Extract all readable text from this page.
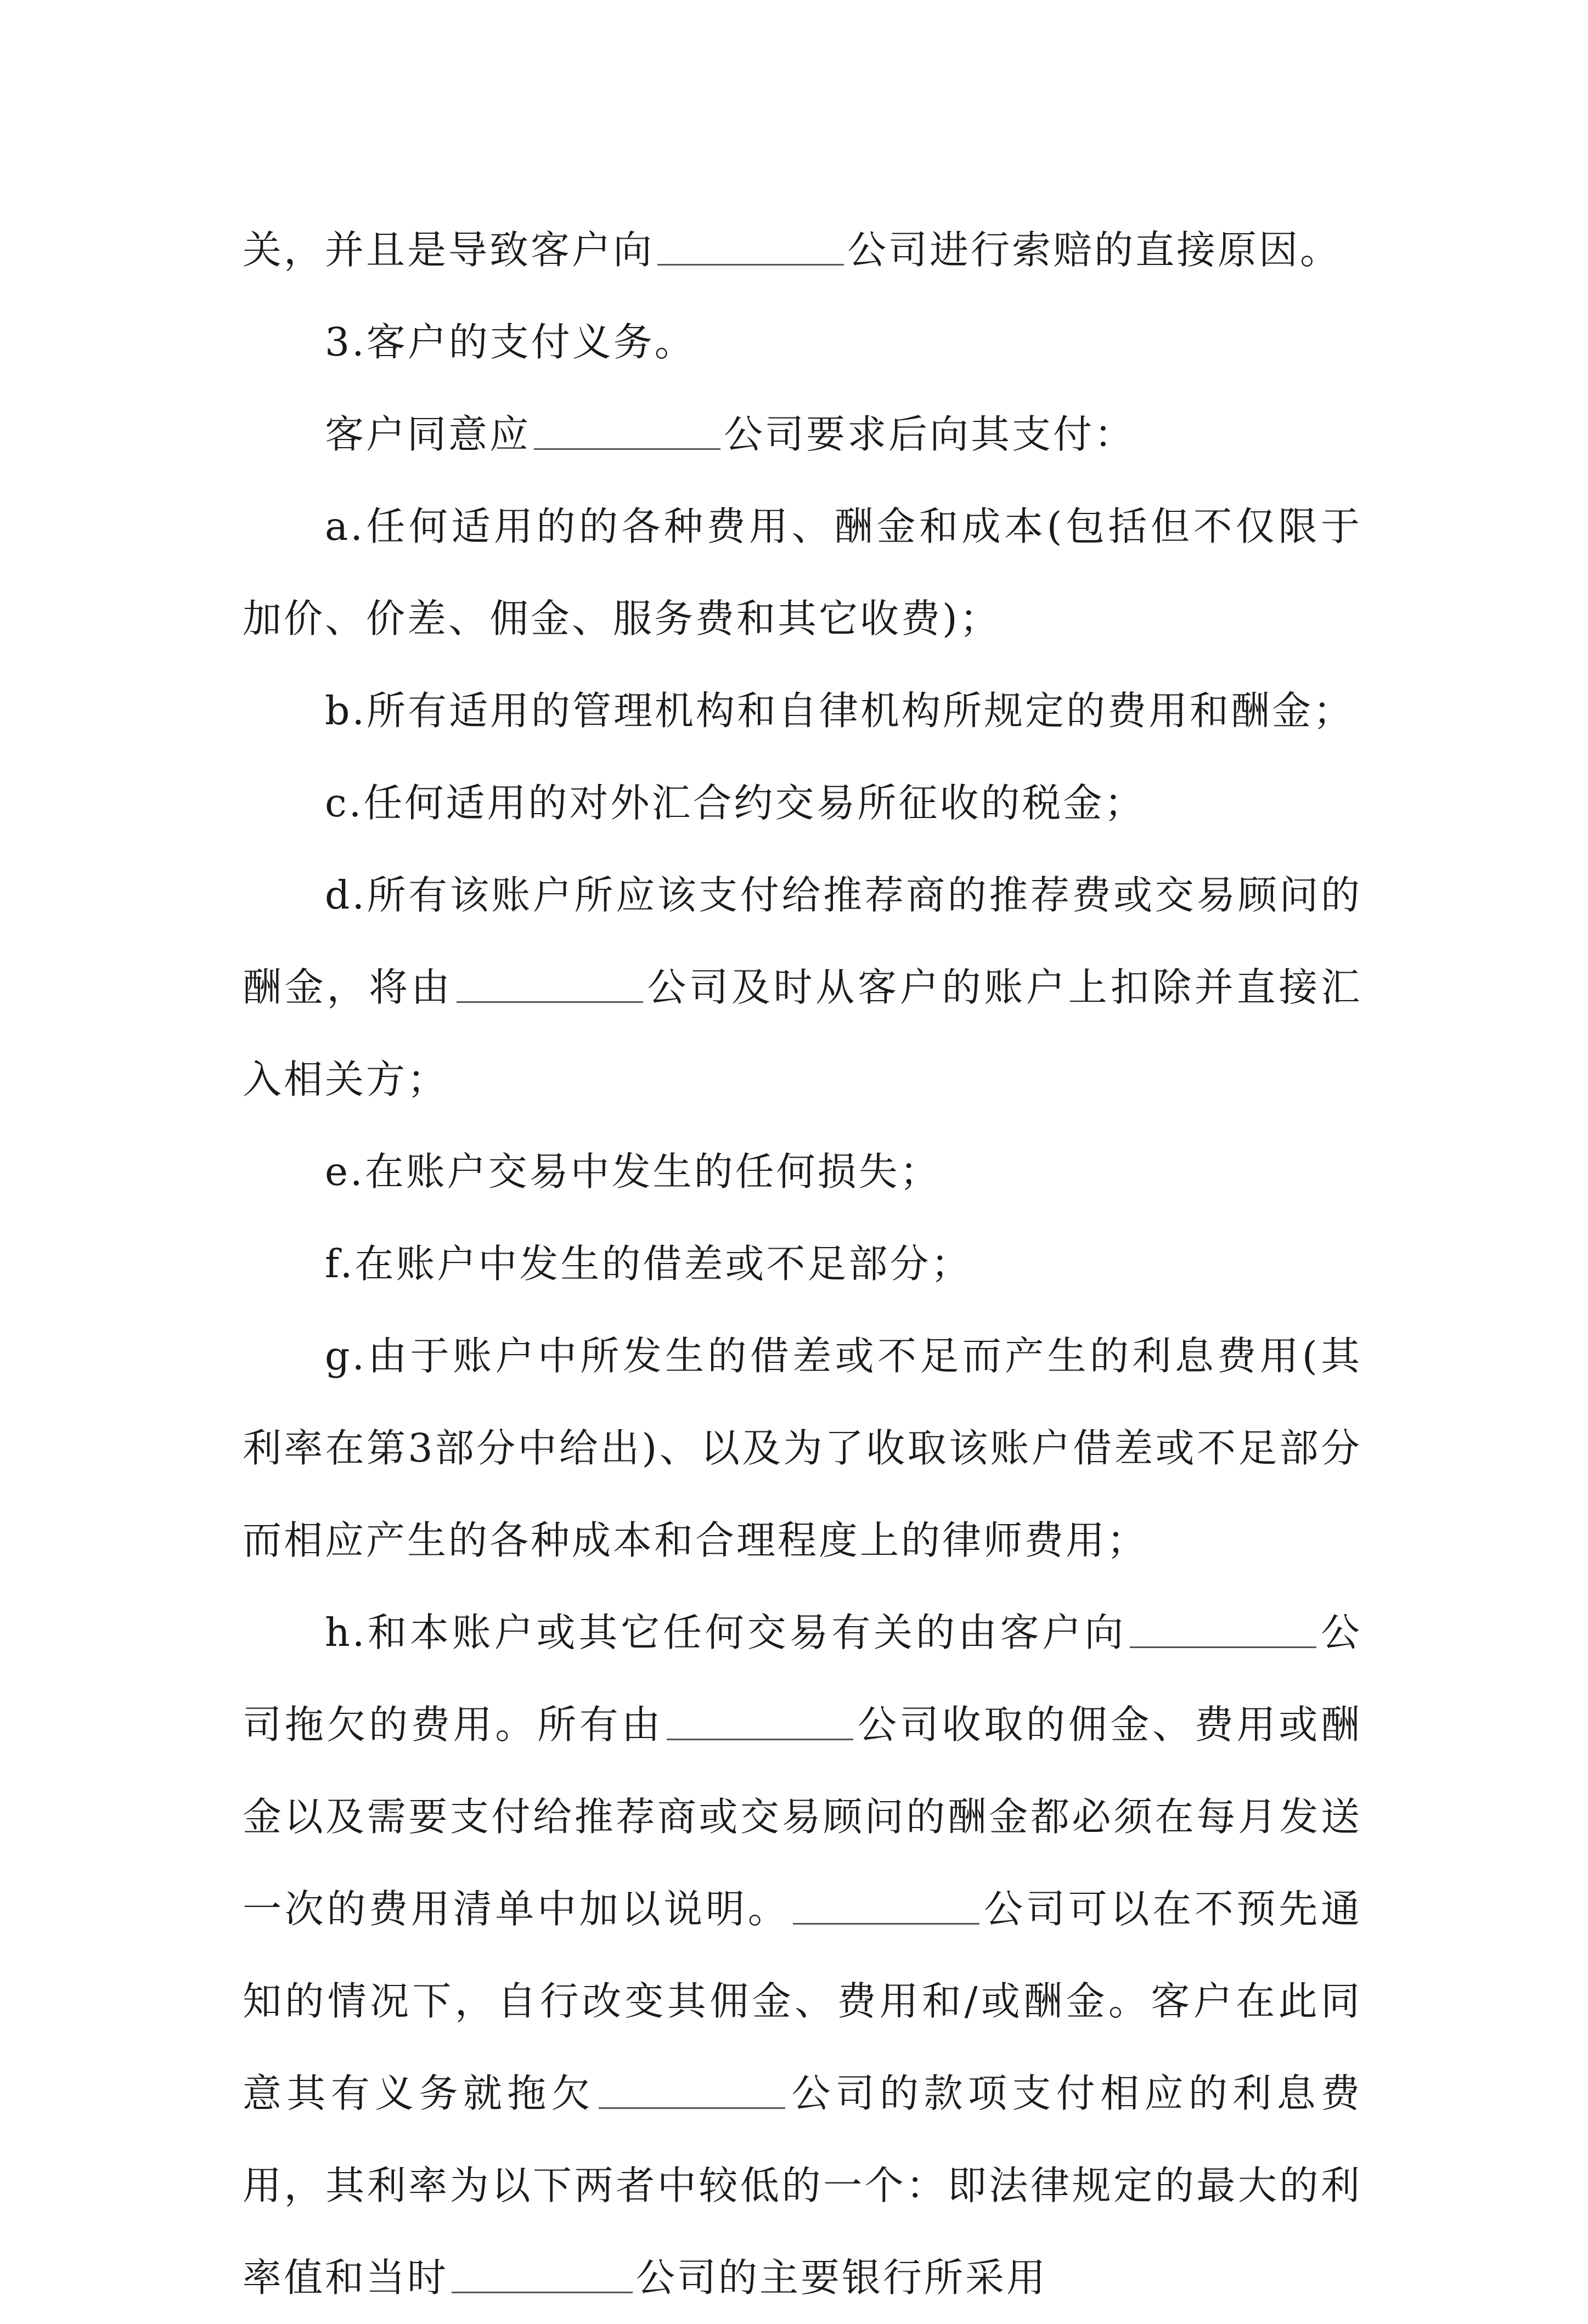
关，并且是导致客户向	公司进行索赔的直接原因。

3.客户的支付义务。

客户同意应	公司要求后向其支付：

a.任何适用的的各种费用、酬金和成本(包括但不仅限于加价、价差、佣金、服务费和其它收费)；

b.所有适用的管理机构和自律机构所规定的费用和酬金；

c.任何适用的对外汇合约交易所征收的税金；

d.所有该账户所应该支付给推荐商的推荐费或交易顾问的酬金，将由	公司及时从客户的账户上扣除并直接汇入相关方；

e.在账户交易中发生的任何损失；

f.在账户中发生的借差或不足部分；

g.由于账户中所发生的借差或不足而产生的利息费用(其利率在第3部分中给出)、以及为了收取该账户借差或不足部分而相应产生的各种成本和合理程度上的律师费用；

h.和本账户或其它任何交易有关的由客户向	公司拖欠的费用。所有由	公司收取的佣金、费用或酬金以及需要支付给推荐商或交易顾问的酬金都必须在每月发送一次的费用清单中加以说明。	公司可以在不预先通知的情况下，自行改变其佣金、费用和/或酬金。客户在此同意其有义务就拖欠	公司的款项支付相应的利息费用，其利率为以下两者中较低的一个：即法律规定的最大的利率值和当时	公司的主要银行所采用
